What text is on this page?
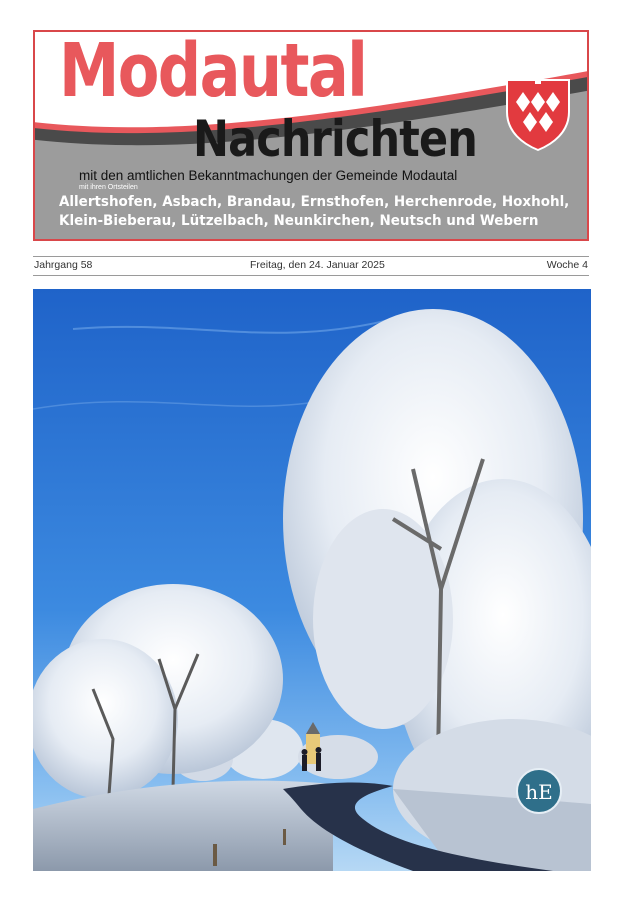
Modautal
Nachrichten
mit den amtlichen Bekanntmachungen der Gemeinde Modautal
mit ihren Ortsteilen
Allertshofen, Asbach, Brandau, Ernsthofen, Herchenrode, Hoxhohl,
Klein-Bieberau, Lützelbach, Neunkirchen, Neutsch und Webern
Jahrgang 58	Freitag, den 24. Januar 2025	Woche 4
hE
